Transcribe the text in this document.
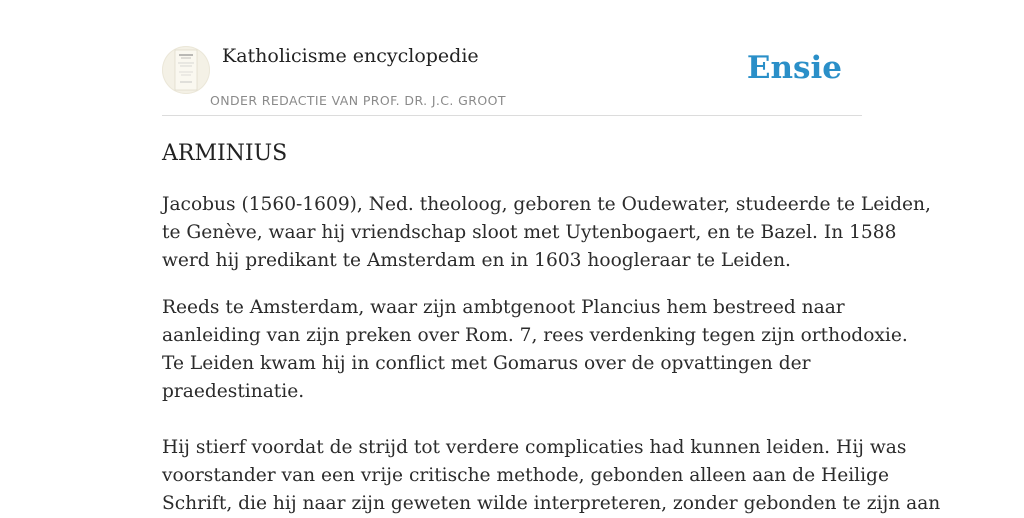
Katholicisme encyclopedie
ONDER REDACTIE VAN PROF. DR. J.C. GROOT
Ensie
ARMINIUS

Jacobus (1560-1609), Ned. theoloog, geboren te Oudewater, studeerde te Leiden,

te Genève, waar hij vriendschap sloot met Uytenbogaert, en te Bazel. In 1588

werd hij predikant te Amsterdam en in 1603 hoogleraar te Leiden.

Reeds te Amsterdam, waar zijn ambtgenoot Plancius hem bestreed naar

aanleiding van zijn preken over Rom. 7, rees verdenking tegen zijn orthodoxie.

Te Leiden kwam hij in conflict met Gomarus over de opvattingen der

praedestinatie.

Hij stierf voordat de strijd tot verdere complicaties had kunnen leiden. Hij was

voorstander van een vrije critische methode, gebonden alleen aan de Heilige

Schrift, die hij naar zijn geweten wilde interpreteren, zonder gebonden te zijn aan
